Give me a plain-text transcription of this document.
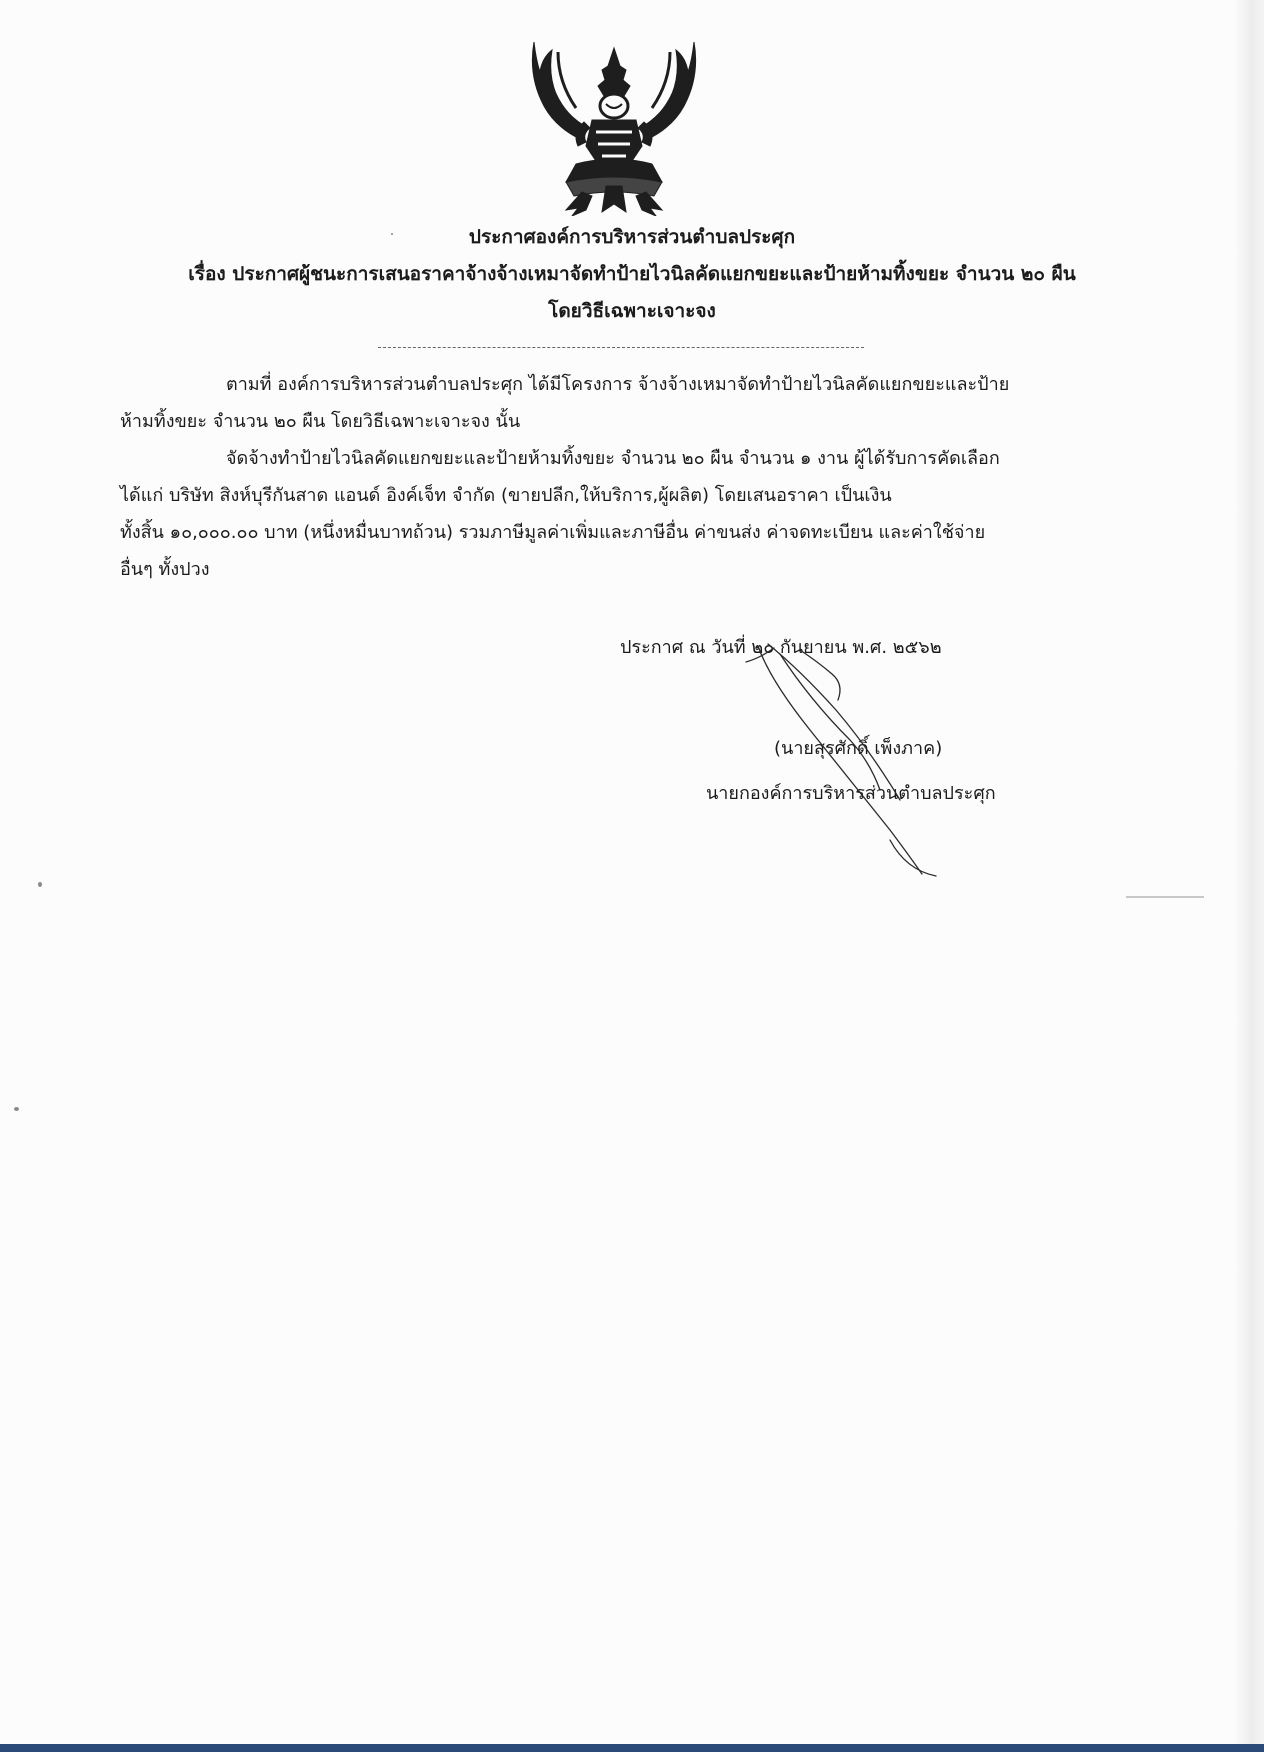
ประกาศองค์การบริหารส่วนตำบลประศุก
เรื่อง ประกาศผู้ชนะการเสนอราคาจ้างจ้างเหมาจัดทำป้ายไวนิลคัดแยกขยะและป้ายห้ามทิ้งขยะ จำนวน ๒๐ ผืน
โดยวิธีเฉพาะเจาะจง
ตามที่ องค์การบริหารส่วนตำบลประศุก ได้มีโครงการ จ้างจ้างเหมาจัดทำป้ายไวนิลคัดแยกขยะและป้าย
ห้ามทิ้งขยะ จำนวน ๒๐ ผืน โดยวิธีเฉพาะเจาะจง นั้น
จัดจ้างทำป้ายไวนิลคัดแยกขยะและป้ายห้ามทิ้งขยะ จำนวน ๒๐ ผืน จำนวน ๑ งาน ผู้ได้รับการคัดเลือก
ได้แก่ บริษัท สิงห์บุรีกันสาด แอนด์ อิงค์เจ็ท จำกัด (ขายปลีก,ให้บริการ,ผู้ผลิต) โดยเสนอราคา เป็นเงิน
ทั้งสิ้น ๑๐,๐๐๐.๐๐ บาท (หนึ่งหมื่นบาทถ้วน) รวมภาษีมูลค่าเพิ่มและภาษีอื่น ค่าขนส่ง ค่าจดทะเบียน และค่าใช้จ่าย
อื่นๆ ทั้งปวง
ประกาศ ณ วันที่ ๒๐ กันยายน พ.ศ. ๒๕๖๒
(นายสุรศักดิ์ เพ็งภาค)
นายกองค์การบริหารส่วนตำบลประศุก
